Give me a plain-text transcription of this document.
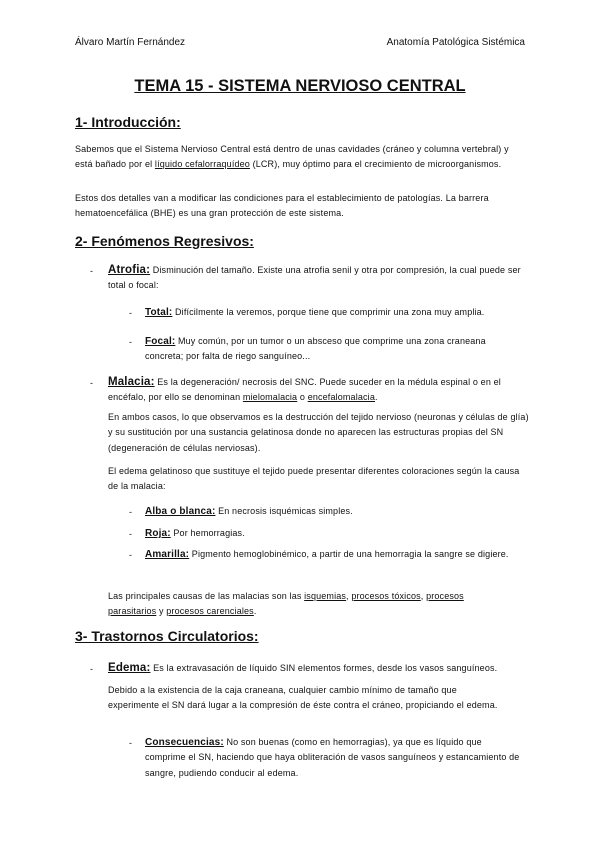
Álvaro Martín Fernández	Anatomía Patológica Sistémica
TEMA 15 - SISTEMA NERVIOSO CENTRAL
1- Introducción:
Sabemos que el Sistema Nervioso Central está dentro de unas cavidades (cráneo y columna vertebral) y está bañado por el líquido cefalorraquídeo (LCR), muy óptimo para el crecimiento de microorganismos.
Estos dos detalles van a modificar las condiciones para el establecimiento de patologías. La barrera hematoencefálica (BHE) es una gran protección de este sistema.
2- Fenómenos Regresivos:
- Atrofia: Disminución del tamaño. Existe una atrofia senil y otra por compresión, la cual puede ser total o focal:
- Total: Difícilmente la veremos, porque tiene que comprimir una zona muy amplia.
- Focal: Muy común, por un tumor o un absceso que comprime una zona craneana concreta; por falta de riego sanguíneo...
- Malacia: Es la degeneración/ necrosis del SNC. Puede suceder en la médula espinal o en el encéfalo, por ello se denominan mielomalacia o encefalomalacia.
En ambos casos, lo que observamos es la destrucción del tejido nervioso (neuronas y células de glía) y su sustitución por una sustancia gelatinosa donde no aparecen las estructuras propias del SN (degeneración de células nerviosas).
El edema gelatinoso que sustituye el tejido puede presentar diferentes coloraciones según la causa de la malacia:
- Alba o blanca: En necrosis isquémicas simples.
- Roja: Por hemorragias.
- Amarilla: Pigmento hemoglobinémico, a partir de una hemorragia la sangre se digiere.
Las principales causas de las malacias son las isquemias, procesos tóxicos, procesos parasitarios y procesos carenciales.
3- Trastornos Circulatorios:
- Edema: Es la extravasación de líquido SIN elementos formes, desde los vasos sanguíneos.
Debido a la existencia de la caja craneana, cualquier cambio mínimo de tamaño que experimente el SN dará lugar a la compresión de éste contra el cráneo, propiciando el edema.
- Consecuencias: No son buenas (como en hemorragias), ya que es líquido que comprime el SN, haciendo que haya obliteración de vasos sanguíneos y estancamiento de sangre, pudiendo conducir al edema.
